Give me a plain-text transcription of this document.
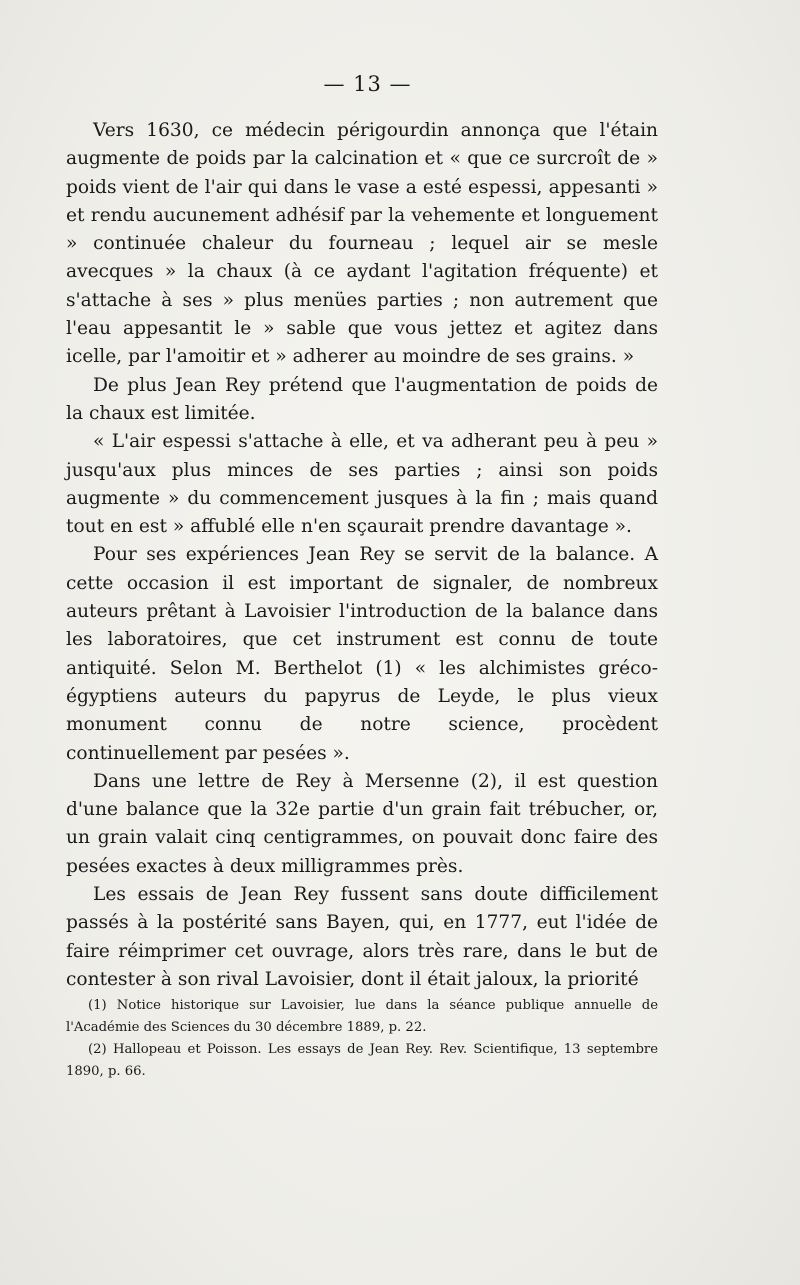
— 13 —

Vers 1630, ce médecin périgourdin annonça que l'étain augmente de poids par la calcination et « que ce surcroît de » poids vient de l'air qui dans le vase a esté espessi, appesanti » et rendu aucunement adhésif par la vehemente et longuement » continuée chaleur du fourneau ; lequel air se mesle avecques » la chaux (à ce aydant l'agitation fréquente) et s'attache à ses » plus menües parties ; non autrement que l'eau appesantit le » sable que vous jettez et agitez dans icelle, par l'amoitir et » adherer au moindre de ses grains. »

De plus Jean Rey prétend que l'augmentation de poids de la chaux est limitée.

« L'air espessi s'attache à elle, et va adherant peu à peu » jusqu'aux plus minces de ses parties ; ainsi son poids augmente » du commencement jusques à la fin ; mais quand tout en est » affublé elle n'en sçaurait prendre davantage ».

Pour ses expériences Jean Rey se servit de la balance. A cette occasion il est important de signaler, de nombreux auteurs prêtant à Lavoisier l'introduction de la balance dans les laboratoires, que cet instrument est connu de toute antiquité. Selon M. Berthelot (1) « les alchimistes gréco-égyptiens auteurs du papyrus de Leyde, le plus vieux monument connu de notre science, procèdent continuellement par pesées ».

Dans une lettre de Rey à Mersenne (2), il est question d'une balance que la 32e partie d'un grain fait trébucher, or, un grain valait cinq centigrammes, on pouvait donc faire des pesées exactes à deux milligrammes près.

Les essais de Jean Rey fussent sans doute difficilement passés à la postérité sans Bayen, qui, en 1777, eut l'idée de faire réimprimer cet ouvrage, alors très rare, dans le but de contester à son rival Lavoisier, dont il était jaloux, la priorité

(1) Notice historique sur Lavoisier, lue dans la séance publique annuelle de l'Académie des Sciences du 30 décembre 1889, p. 22.

(2) Hallopeau et Poisson. Les essays de Jean Rey. Rev. Scientifique, 13 septembre 1890, p. 66.
